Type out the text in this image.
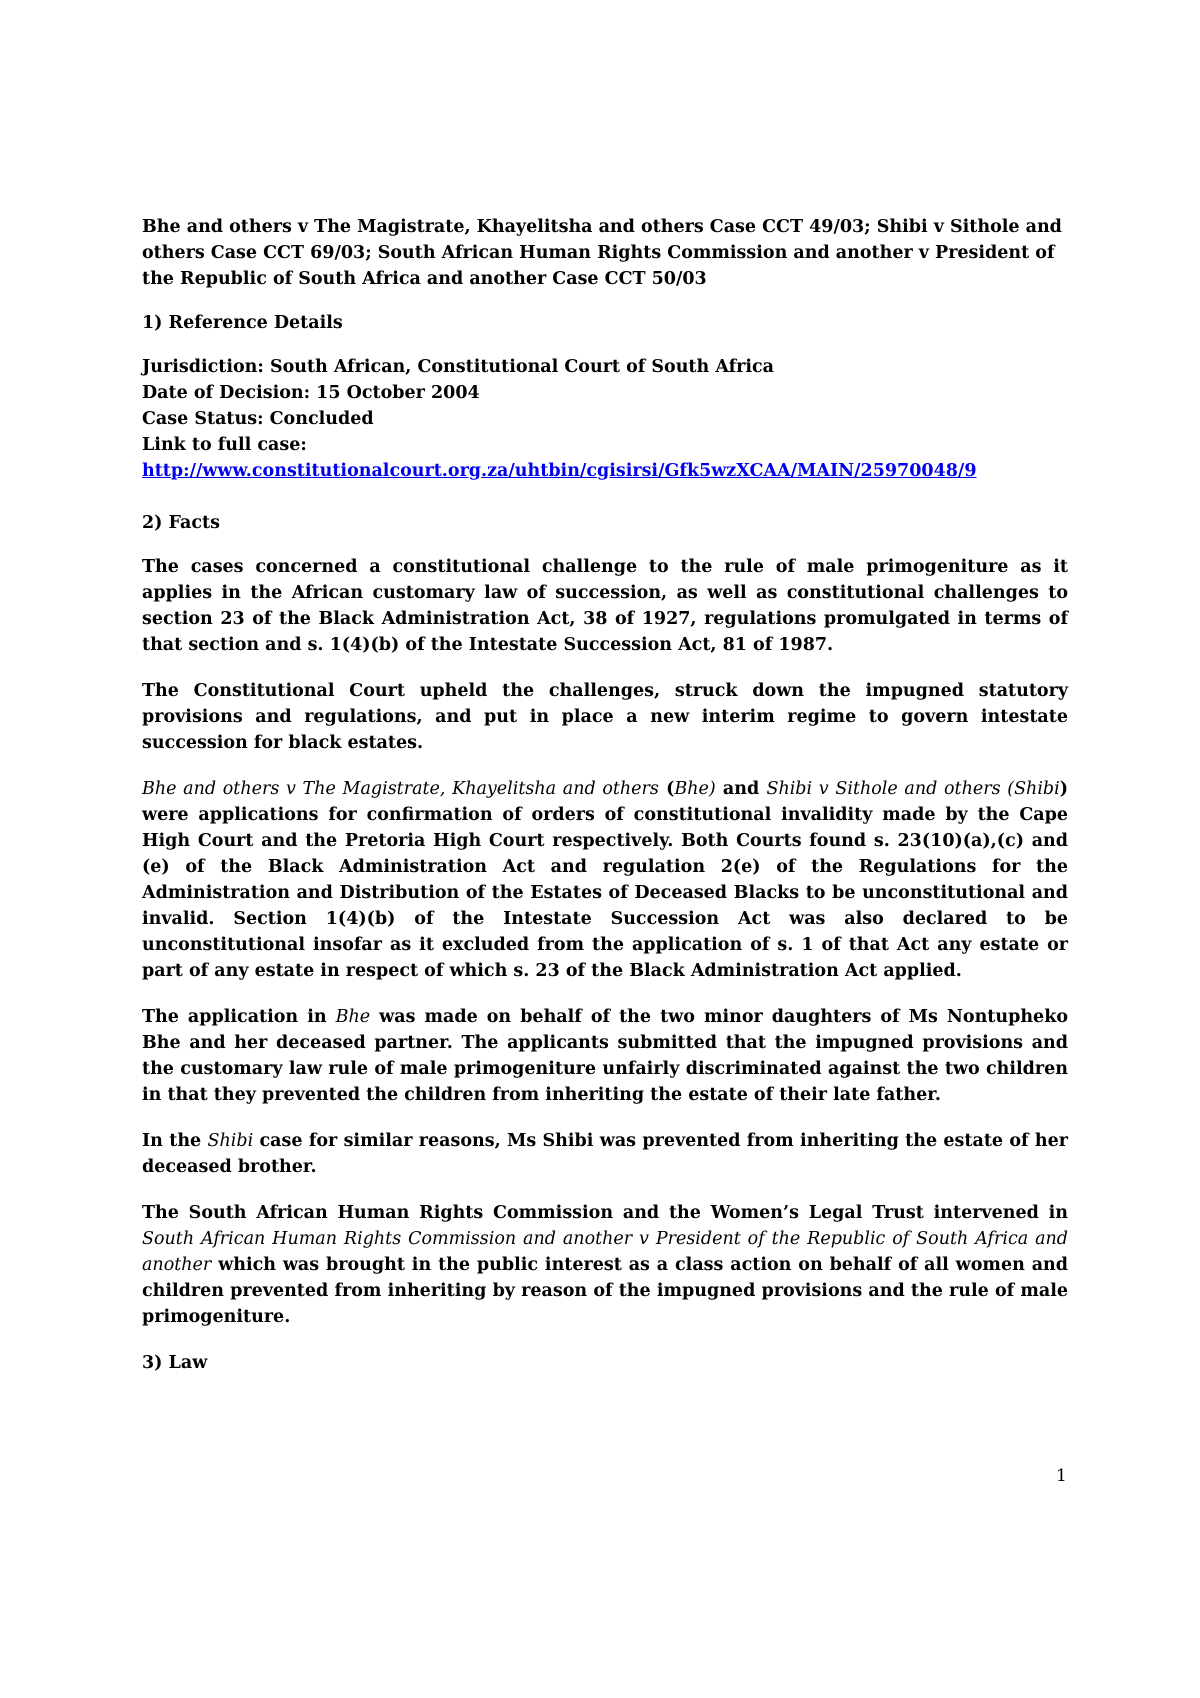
Bhe and others v The Magistrate, Khayelitsha and others Case CCT 49/03; Shibi v Sithole and others Case CCT 69/03; South African Human Rights Commission and another v President of the Republic of South Africa and another Case CCT 50/03
1) Reference Details
Jurisdiction: South African, Constitutional Court of South Africa
Date of Decision: 15 October 2004
Case Status: Concluded
Link to full case:
http://www.constitutionalcourt.org.za/uhtbin/cgisirsi/Gfk5wzXCAA/MAIN/25970048/9
2) Facts

The cases concerned a constitutional challenge to the rule of male primogeniture as it applies in the African customary law of succession, as well as constitutional challenges to section 23 of the Black Administration Act, 38 of 1927, regulations promulgated in terms of that section and s. 1(4)(b) of the Intestate Succession Act, 81 of 1987.

The Constitutional Court upheld the challenges, struck down the impugned statutory provisions and regulations, and put in place a new interim regime to govern intestate succession for black estates.

Bhe and others v The Magistrate, Khayelitsha and others (Bhe) and Shibi v Sithole and others (Shibi) were applications for confirmation of orders of constitutional invalidity made by the Cape High Court and the Pretoria High Court respectively. Both Courts found s. 23(10)(a),(c) and (e) of the Black Administration Act and regulation 2(e) of the Regulations for the Administration and Distribution of the Estates of Deceased Blacks to be unconstitutional and invalid. Section 1(4)(b) of the Intestate Succession Act was also declared to be unconstitutional insofar as it excluded from the application of s. 1 of that Act any estate or part of any estate in respect of which s. 23 of the Black Administration Act applied.

The application in Bhe was made on behalf of the two minor daughters of Ms Nontupheko Bhe and her deceased partner. The applicants submitted that the impugned provisions and the customary law rule of male primogeniture unfairly discriminated against the two children in that they prevented the children from inheriting the estate of their late father.

In the Shibi case for similar reasons, Ms Shibi was prevented from inheriting the estate of her deceased brother.

The South African Human Rights Commission and the Women’s Legal Trust intervened in South African Human Rights Commission and another v President of the Republic of South Africa and another which was brought in the public interest as a class action on behalf of all women and children prevented from inheriting by reason of the impugned provisions and the rule of male primogeniture.

3) Law
1
